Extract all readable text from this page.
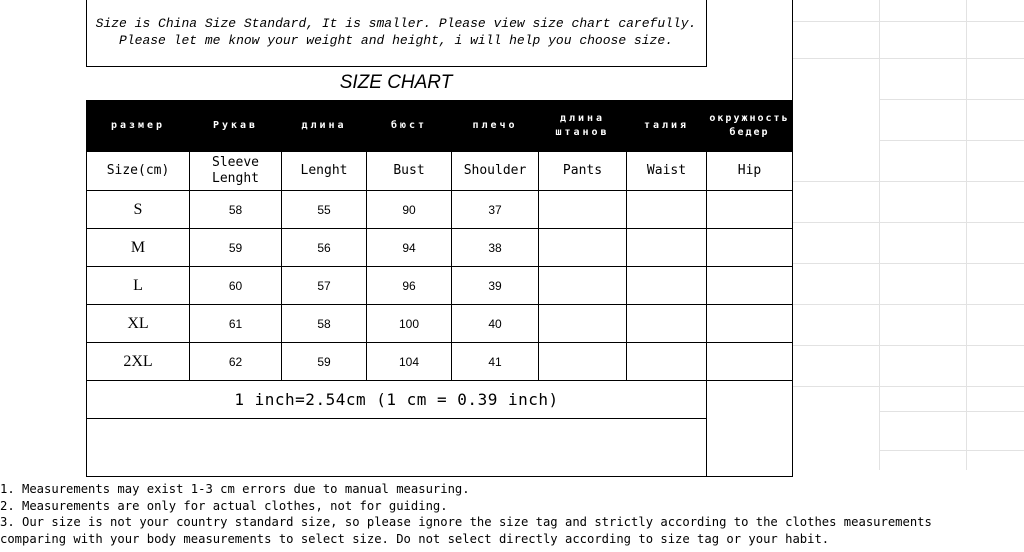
Size is China Size Standard, It is smaller. Please view size chart carefully.
Please let me know your weight and height, i will help you choose size.
SIZE CHART
размер	Рукав	длина	бюст	плечо	длина штанов	талия	окружность бедер
Size(cm)	Sleeve Lenght	Lenght	Bust	Shoulder	Pants	Waist	Hip
S	58	55	90	37			
M	59	56	94	38			
L	60	57	96	39			
XL	61	58	100	40			
2XL	62	59	104	41			
1 inch=2.54cm (1 cm = 0.39 inch)							

1. Measurements may exist 1-3 cm errors due to manual measuring.
2. Measurements are only for actual clothes, not for guiding.
3. Our size is not your country standard size, so please ignore the size tag and strictly according to the clothes measurements
comparing with your body measurements to select size. Do not select directly according to size tag or your habit.
